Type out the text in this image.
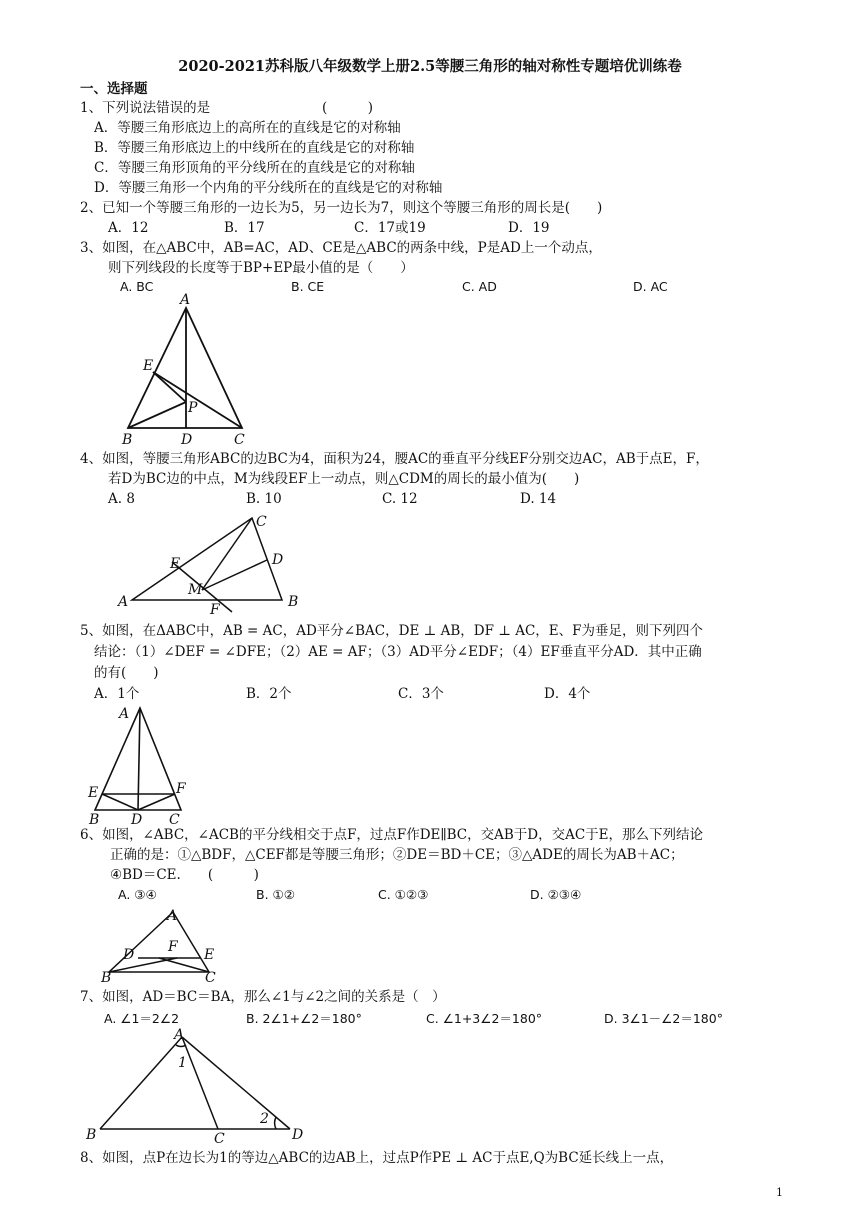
2020-2021苏科版八年级数学上册2.5等腰三角形的轴对称性专题培优训练卷
一、选择题
1、下列说法错误的是	(　　　)
A．等腰三角形底边上的高所在的直线是它的对称轴
B．等腰三角形底边上的中线所在的直线是它的对称轴
C．等腰三角形顶角的平分线所在的直线是它的对称轴
D．等腰三角形一个内角的平分线所在的直线是它的对称轴
2、已知一个等腰三角形的一边长为5，另一边长为7，则这个等腰三角形的周长是(　　)
A．12	B．17	C．17或19	D．19
3、如图，在△ABC中，AB=AC，AD、CE是△ABC的两条中线，P是AD上一个动点，
则下列线段的长度等于BP+EP最小值的是（　　）
A. BC	B. CE	C. AD	D. AC
A
E
P
B	D	C
4、如图，等腰三角形ABC的边BC为4，面积为24，腰AC的垂直平分线EF分别交边AC，AB于点E，F，
若D为BC边的中点，M为线段EF上一动点，则△CDM的周长的最小值为(　　)
A. 8	B. 10	C. 12	D. 14
C
E	D
M
A	F	B
5、如图，在ΔABC中，AB = AC，AD平分∠BAC，DE ⊥ AB，DF ⊥ AC，E、F为垂足，则下列四个
结论：（1）∠DEF = ∠DFE；（2）AE = AF；（3）AD平分∠EDF；（4）EF垂直平分AD．其中正确
的有(　　)
A．1个	B．2个	C．3个	D．4个
A
E	F
B D C
6、如图，∠ABC，∠ACB的平分线相交于点F，过点F作DE∥BC，交AB于D，交AC于E，那么下列结论
正确的是：①△BDF，△CEF都是等腰三角形；②DE＝BD＋CE；③△ADE的周长为AB＋AC；
④BD＝CE.　　(　　　)
A. ③④	B. ①②	C. ①②③	D. ②③④
A
D F E
B	C
7、如图，AD＝BC＝BA，那么∠1与∠2之间的关系是（　）
A. ∠1＝2∠2	B. 2∠1+∠2＝180°	C. ∠1+3∠2＝180°	D. 3∠1－∠2＝180°
A
1
2
B	C	D
8、如图，点P在边长为1的等边△ABC的边AB上，过点P作PE ⊥ AC于点E,Q为BC延长线上一点，
1
